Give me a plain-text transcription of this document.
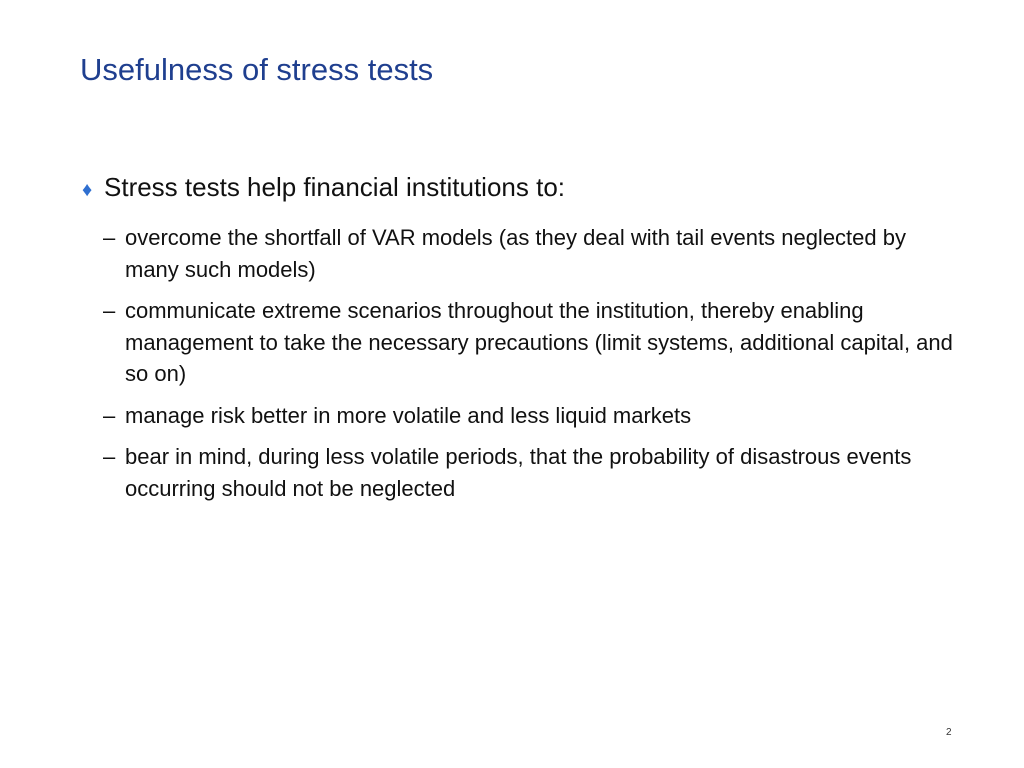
Usefulness of stress tests
♦ Stress tests help financial institutions to:
– overcome the shortfall of VAR models (as they deal with tail events neglected by many such models)
– communicate extreme scenarios throughout the institution, thereby enabling management to take the necessary precautions (limit systems, additional capital, and so on)
– manage risk better in more volatile and less liquid markets
– bear in mind, during less volatile periods, that the probability of disastrous events occurring should not be neglected
2
